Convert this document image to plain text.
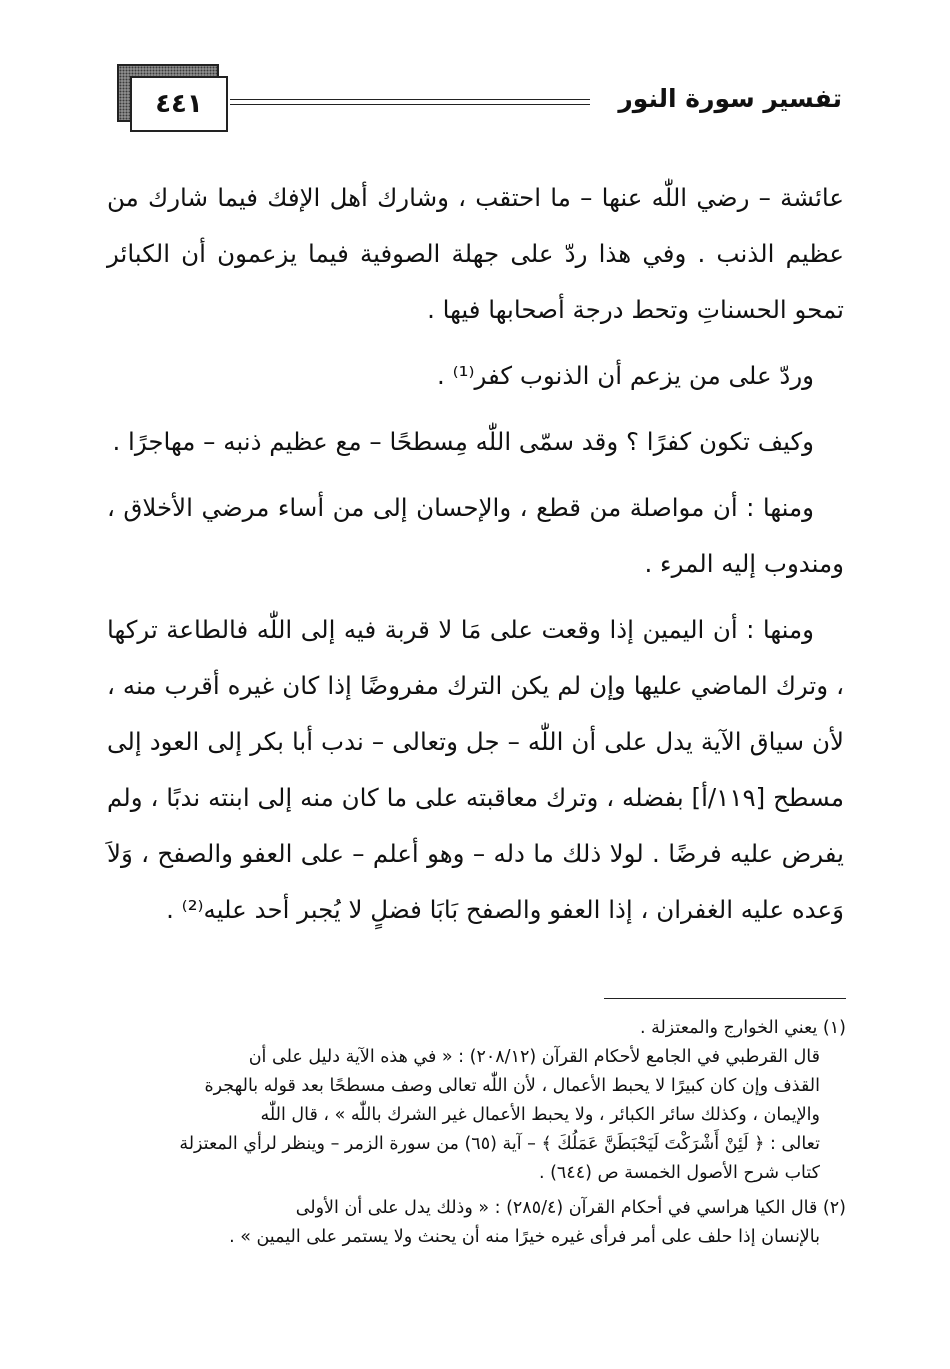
٤٤١	تفسير سورة النور

عائشة – رضي اللّٰه عنها – ما احتقب ، وشارك أهل الإفك فيما شارك من عظيم الذنب . وفي هذا ردّ على جهلة الصوفية فيما يزعمون أن الكبائر تمحو الحسناتِ وتحط درجة أصحابها فيها .

وردّ على من يزعم أن الذنوب كفر⁽¹⁾ .

وكيف تكون كفرًا ؟ وقد سمّى اللّٰه مِسطحًا – مع عظيم ذنبه – مهاجرًا .

ومنها : أن مواصلة من قطع ، والإحسان إلى من أساء مرضي الأخلاق ، ومندوب إليه المرء .

ومنها : أن اليمين إذا وقعت على مَا لا قربة فيه إلى اللّٰه فالطاعة تركها ، وترك الماضي عليها وإن لم يكن الترك مفروضًا إذا كان غيره أقرب منه ، لأن سياق الآية يدل على أن اللّٰه – جل وتعالى – ندب أبا بكر إلى العود إلى مسطح [١١٩/أ] بفضله ، وترك معاقبته على ما كان منه إلى ابنته ندبًا ، ولم يفرض عليه فرضًا . لولا ذلك ما دله – وهو أعلم – على العفو والصفح ، وَلاَ وَعده عليه الغفران ، إذا العفو والصفح بَابَا فضلٍ لا يُجبر أحد عليه⁽²⁾ .

(١) يعني الخوارج والمعتزلة .

قال القرطبي في الجامع لأحكام القرآن (٢٠٨/١٢) : « في هذه الآية دليل على أن

القذف وإن كان كبيرًا لا يحبط الأعمال ، لأن اللّٰه تعالى وصف مسطحًا بعد قوله بالهجرة

والإيمان ، وكذلك سائر الكبائر ، ولا يحبط الأعمال غير الشرك باللّٰه » ، قال اللّٰه

تعالى : ﴿ لَئِنْ أَشْرَكْتَ لَيَحْبَطَنَّ عَمَلُكَ ﴾ – آية (٦٥) من سورة الزمر – وينظر لرأي المعتزلة

كتاب شرح الأصول الخمسة ص (٦٤٤) .

(٢) قال الكيا هراسي في أحكام القرآن (٢٨٥/٤) : « وذلك يدل على أن الأولى

بالإنسان إذا حلف على أمر فرأى غيره خيرًا منه أن يحنث ولا يستمر على اليمين » .
